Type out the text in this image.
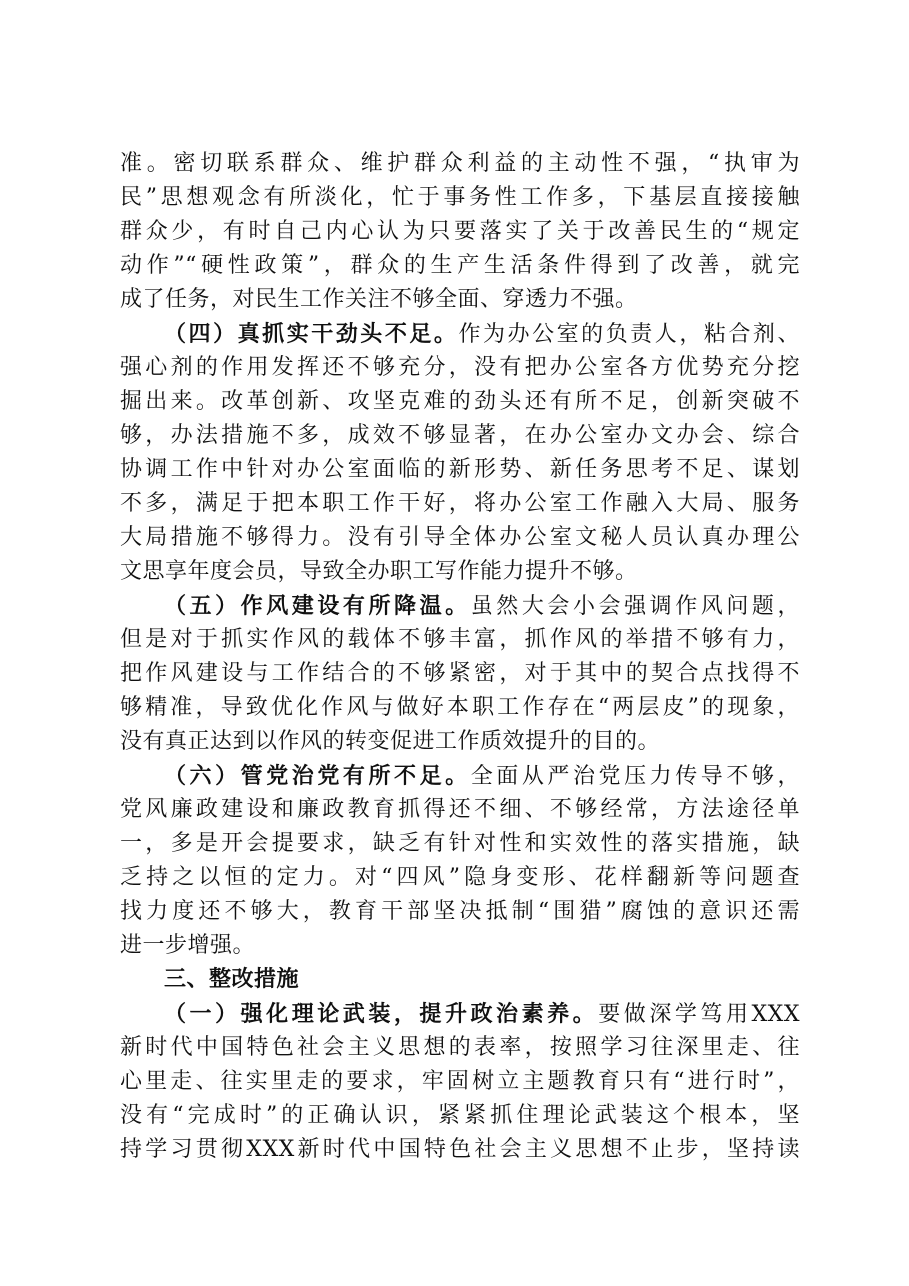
准。密切联系群众、维护群众利益的主动性不强，“执审为
民”思想观念有所淡化，忙于事务性工作多，下基层直接接触
群众少，有时自己内心认为只要落实了关于改善民生的“规定
动作”“硬性政策”，群众的生产生活条件得到了改善，就完
成了任务，对民生工作关注不够全面、穿透力不强。
（四）真抓实干劲头不足。作为办公室的负责人，粘合剂、
强心剂的作用发挥还不够充分，没有把办公室各方优势充分挖
掘出来。改革创新、攻坚克难的劲头还有所不足，创新突破不
够，办法措施不多，成效不够显著，在办公室办文办会、综合
协调工作中针对办公室面临的新形势、新任务思考不足、谋划
不多，满足于把本职工作干好，将办公室工作融入大局、服务
大局措施不够得力。没有引导全体办公室文秘人员认真办理公
文思享年度会员，导致全办职工写作能力提升不够。
（五）作风建设有所降温。虽然大会小会强调作风问题，
但是对于抓实作风的载体不够丰富，抓作风的举措不够有力，
把作风建设与工作结合的不够紧密，对于其中的契合点找得不
够精准，导致优化作风与做好本职工作存在“两层皮”的现象，
没有真正达到以作风的转变促进工作质效提升的目的。
（六）管党治党有所不足。全面从严治党压力传导不够，
党风廉政建设和廉政教育抓得还不细、不够经常，方法途径单
一，多是开会提要求，缺乏有针对性和实效性的落实措施，缺
乏持之以恒的定力。对“四风”隐身变形、花样翻新等问题查
找力度还不够大，教育干部坚决抵制“围猎”腐蚀的意识还需
进一步增强。
三、整改措施
（一）强化理论武装，提升政治素养。要做深学笃用XXX
新时代中国特色社会主义思想的表率，按照学习往深里走、往
心里走、往实里走的要求，牢固树立主题教育只有“进行时”，
没有“完成时”的正确认识，紧紧抓住理论武装这个根本，坚
持学习贯彻XXX新时代中国特色社会主义思想不止步，坚持读
